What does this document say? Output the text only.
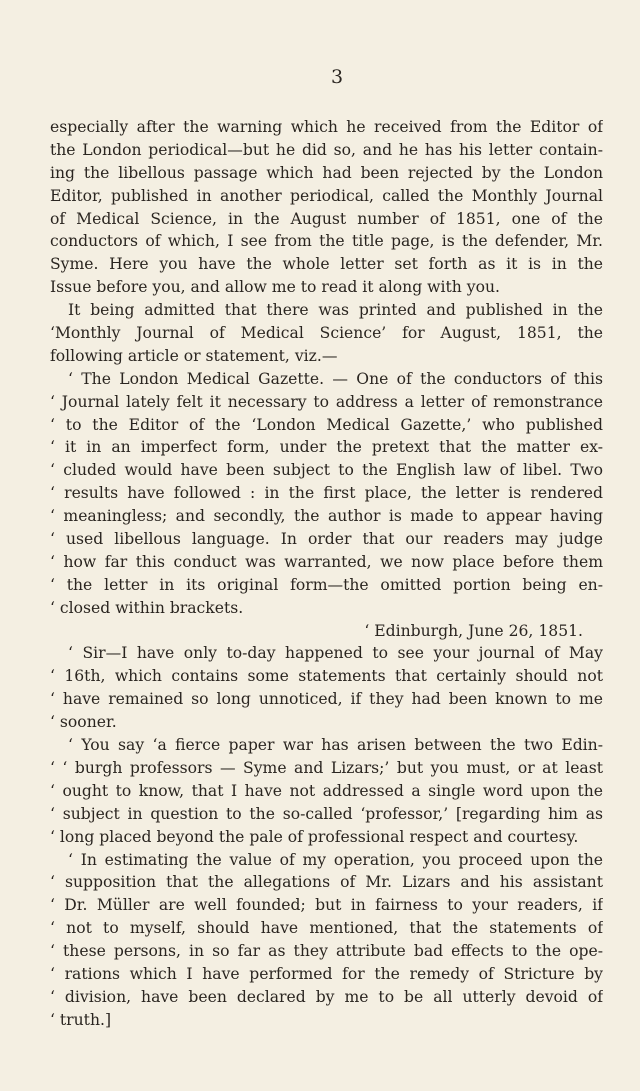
3
especially after the warning which he received from the Editor of
the London periodical—but he did so, and he has his letter contain-
ing the libellous passage which had been rejected by the London
Editor, published in another periodical, called the Monthly Journal
of Medical Science, in the August number of 1851, one of the
conductors of which, I see from the title page, is the defender, Mr.
Syme. Here you have the whole letter set forth as it is in the
Issue before you, and allow me to read it along with you.
It being admitted that there was printed and published in the
‘Monthly Journal of Medical Science’ for August, 1851, the
following article or statement, viz.—
‘ The London Medical Gazette. — One of the conductors of this
‘ Journal lately felt it necessary to address a letter of remonstrance
‘ to the Editor of the ‘London Medical Gazette,’ who published
‘ it in an imperfect form, under the pretext that the matter ex-
‘ cluded would have been subject to the English law of libel. Two
‘ results have followed : in the first place, the letter is rendered
‘ meaningless; and secondly, the author is made to appear having
‘ used libellous language. In order that our readers may judge
‘ how far this conduct was warranted, we now place before them
‘ the letter in its original form—the omitted portion being en-
‘ closed within brackets.
‘ Edinburgh, June 26, 1851.
‘ Sir—I have only to-day happened to see your journal of May
‘ 16th, which contains some statements that certainly should not
‘ have remained so long unnoticed, if they had been known to me
‘ sooner.
‘ You say ‘a fierce paper war has arisen between the two Edin-
‘ ‘ burgh professors — Syme and Lizars;’ but you must, or at least
‘ ought to know, that I have not addressed a single word upon the
‘ subject in question to the so-called ‘professor,’ [regarding him as
‘ long placed beyond the pale of professional respect and courtesy.
‘ In estimating the value of my operation, you proceed upon the
‘ supposition that the allegations of Mr. Lizars and his assistant
‘ Dr. Müller are well founded; but in fairness to your readers, if
‘ not to myself, should have mentioned, that the statements of
‘ these persons, in so far as they attribute bad effects to the ope-
‘ rations which I have performed for the remedy of Stricture by
‘ division, have been declared by me to be all utterly devoid of
‘ truth.]
